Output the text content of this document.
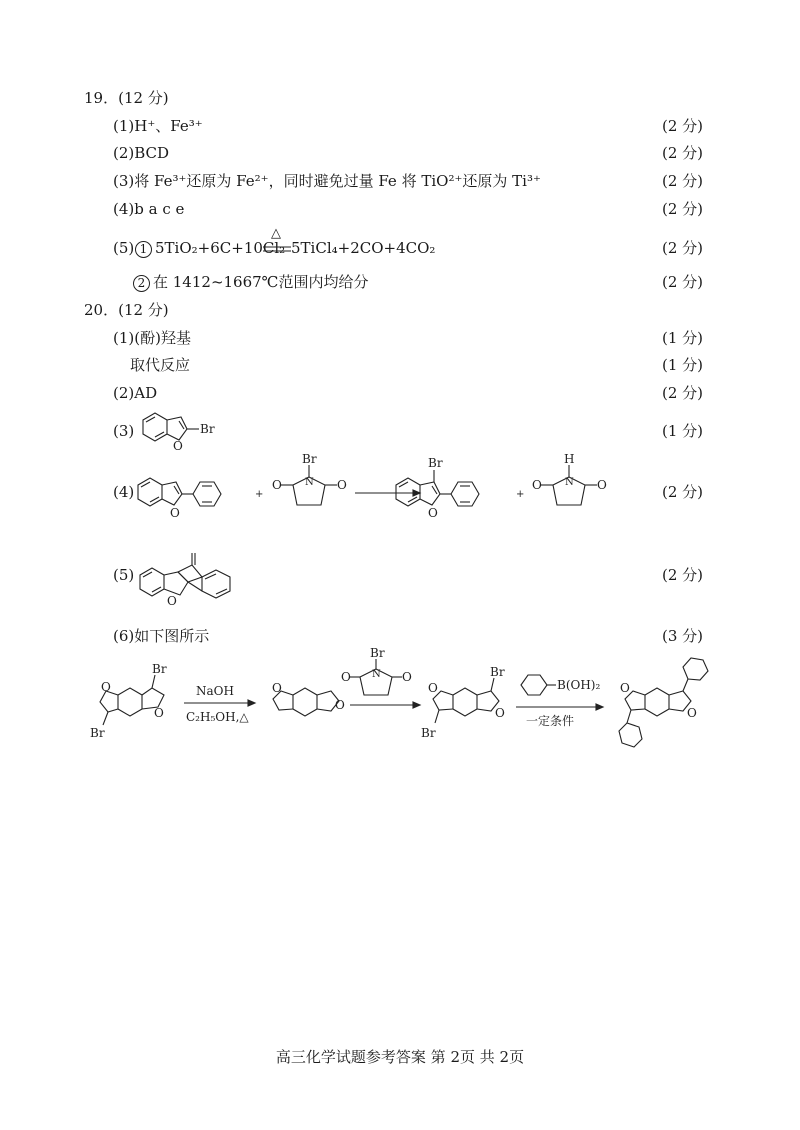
19．(12 分)
(1)H⁺、Fe³⁺	(2 分)
(2)BCD	(2 分)
(3)将 Fe³⁺还原为 Fe²⁺，同时避免过量 Fe 将 TiO²⁺还原为 Ti³⁺	(2 分)
(4)b a c e	(2 分)
(5) 1 5TiO₂+6C+10Cl₂
△
5TiCl₄+2CO+4CO₂	(2 分)
2 在 1412~1667℃范围内均给分	(2 分)
20．(12 分)
(1)(酚)羟基	(1 分)
取代反应	(1 分)
(2)AD	(2 分)
(3)	(1 分)
Br
O
(4)	(2 分)
O
+
Br
N
O	O
Br
O
+
H
N
O	O
(5)	(2 分)
O
(6)如下图所示	(3 分)
O
Br
Br
O
NaOH
C₂H₅OH,△
O
O
Br
N
O	O
O
O
Br
Br
B(OH)₂
一定条件
O
O
高三化学试题参考答案 第 2页 共 2页
